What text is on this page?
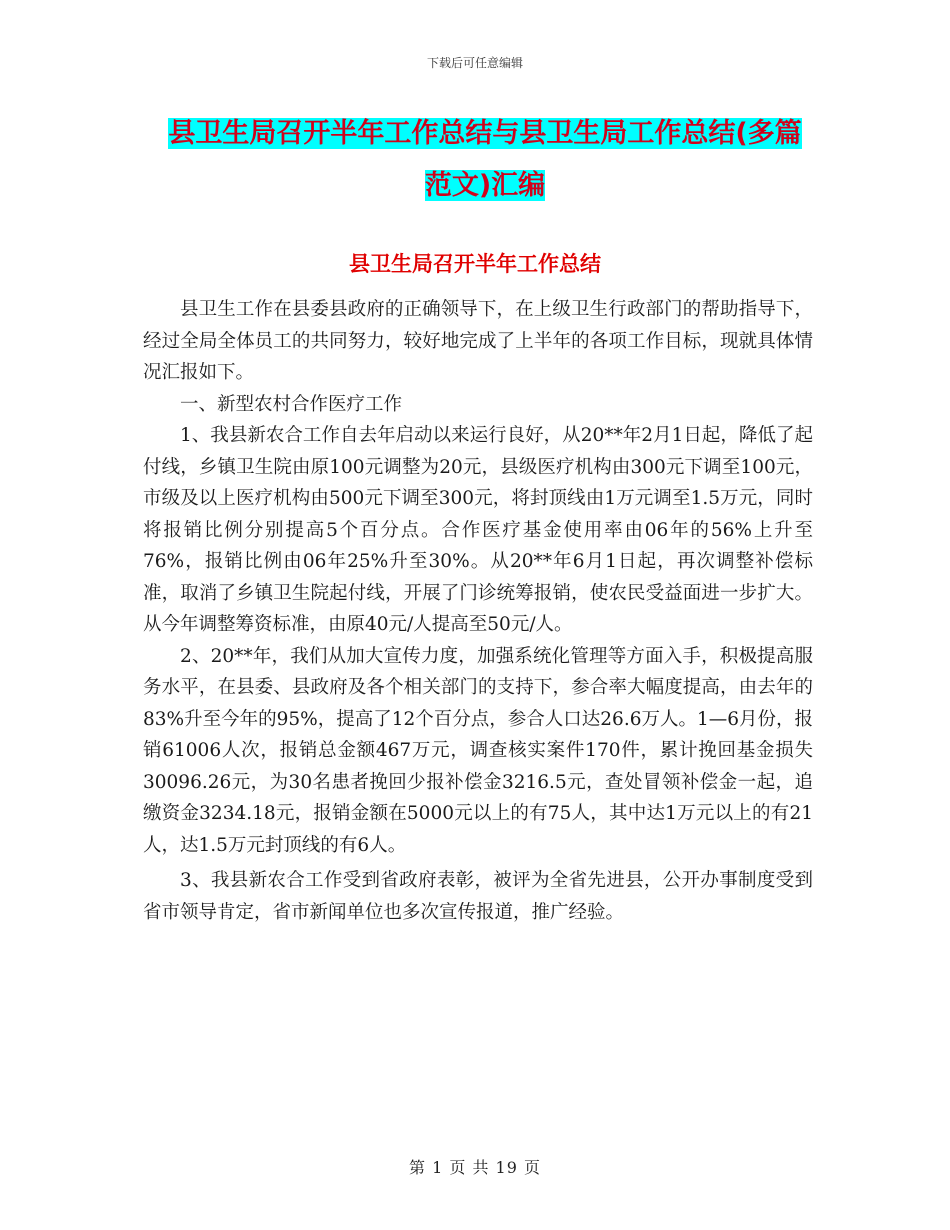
下载后可任意编辑
县卫生局召开半年工作总结与县卫生局工作总结(多篇
范文)汇编
县卫生局召开半年工作总结

县卫生工作在县委县政府的正确领导下，在上级卫生行政部门的帮助指导下，经过全局全体员工的共同努力，较好地完成了上半年的各项工作目标，现就具体情况汇报如下。

一、新型农村合作医疗工作

1、我县新农合工作自去年启动以来运行良好，从20**年2月1日起，降低了起付线，乡镇卫生院由原100元调整为20元，县级医疗机构由300元下调至100元，市级及以上医疗机构由500元下调至300元，将封顶线由1万元调至1.5万元，同时将报销比例分别提高5个百分点。合作医疗基金使用率由06年的56%上升至76%，报销比例由06年25%升至30%。从20**年6月1日起，再次调整补偿标准，取消了乡镇卫生院起付线，开展了门诊统筹报销，使农民受益面进一步扩大。从今年调整筹资标准，由原40元/人提高至50元/人。

2、20**年，我们从加大宣传力度，加强系统化管理等方面入手，积极提高服务水平，在县委、县政府及各个相关部门的支持下，参合率大幅度提高，由去年的83%升至今年的95%，提高了12个百分点，参合人口达26.6万人。1—6月份，报销61006人次，报销总金额467万元，调查核实案件170件，累计挽回基金损失30096.26元，为30名患者挽回少报补偿金3216.5元，查处冒领补偿金一起，追缴资金3234.18元，报销金额在5000元以上的有75人，其中达1万元以上的有21人，达1.5万元封顶线的有6人。

3、我县新农合工作受到省政府表彰，被评为全省先进县，公开办事制度受到省市领导肯定，省市新闻单位也多次宣传报道，推广经验。

第 1 页 共 19 页
